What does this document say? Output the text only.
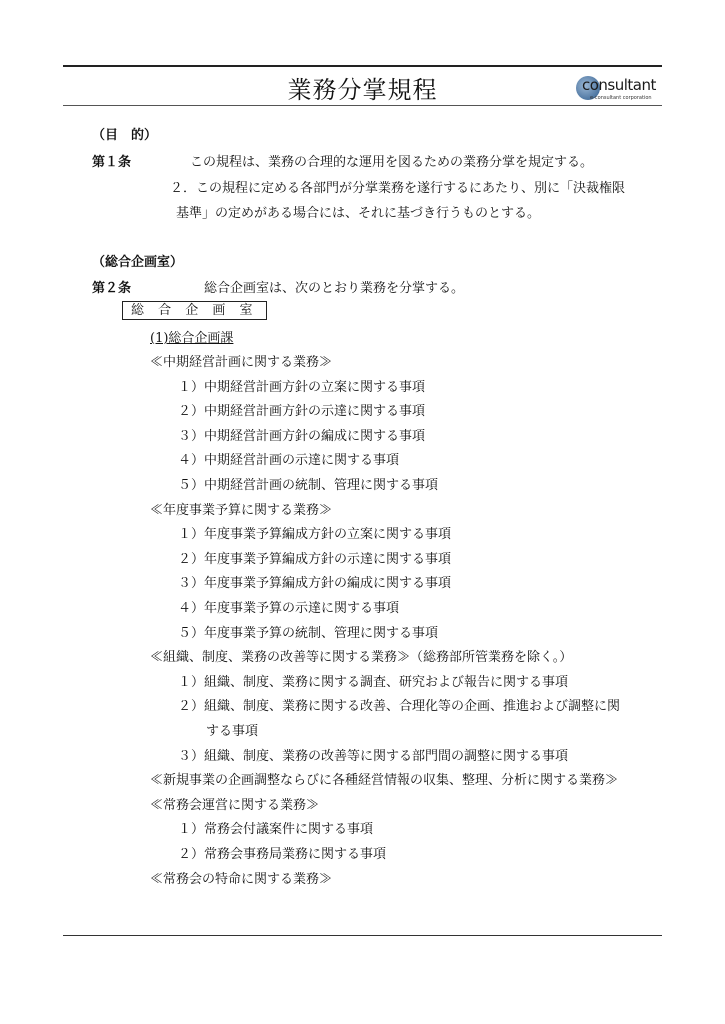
業務分掌規程	consultant
e-consultant corporation
（目　的）
第１条	この規程は、業務の合理的な運用を図るための業務分掌を規定する。
２．この規程に定める各部門が分掌業務を遂行するにあたり、別に「決裁権限
基準」の定めがある場合には、それに基づき行うものとする。
（総合企画室）
第２条	総合企画室は、次のとおり業務を分掌する。
総 合 企 画 室
(1)総合企画課
≪中期経営計画に関する業務≫
１）中期経営計画方針の立案に関する事項
２）中期経営計画方針の示達に関する事項
３）中期経営計画方針の編成に関する事項
４）中期経営計画の示達に関する事項
５）中期経営計画の統制、管理に関する事項
≪年度事業予算に関する業務≫
１）年度事業予算編成方針の立案に関する事項
２）年度事業予算編成方針の示達に関する事項
３）年度事業予算編成方針の編成に関する事項
４）年度事業予算の示達に関する事項
５）年度事業予算の統制、管理に関する事項
≪組織、制度、業務の改善等に関する業務≫（総務部所管業務を除く。）
１）組織、制度、業務に関する調査、研究および報告に関する事項
２）組織、制度、業務に関する改善、合理化等の企画、推進および調整に関
する事項
３）組織、制度、業務の改善等に関する部門間の調整に関する事項
≪新規事業の企画調整ならびに各種経営情報の収集、整理、分析に関する業務≫
≪常務会運営に関する業務≫
１）常務会付議案件に関する事項
２）常務会事務局業務に関する事項
≪常務会の特命に関する業務≫
